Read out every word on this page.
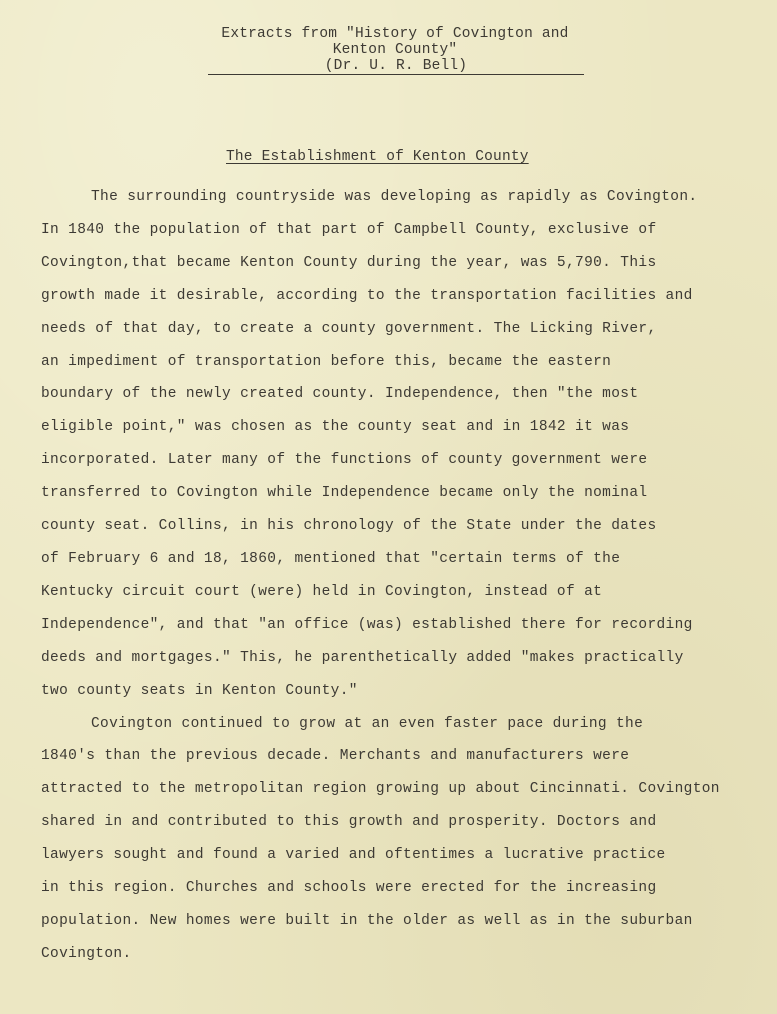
Extracts from "History of Covington and
Kenton County"
(Dr. U. R. Bell)
The Establishment of Kenton County
The surrounding countryside was developing as rapidly as Covington.
In 1840 the population of that part of Campbell County, exclusive of
Covington,that became Kenton County during the year, was 5,790. This
growth made it desirable, according to the transportation facilities and
needs of that day, to create a county government. The Licking River,
an impediment of transportation before this, became the eastern
boundary of the newly created county. Independence, then "the most
eligible point," was chosen as the county seat and in 1842 it was
incorporated. Later many of the functions of county government were
transferred to Covington while Independence became only the nominal
county seat. Collins, in his chronology of the State under the dates
of February 6 and 18, 1860, mentioned that "certain terms of the
Kentucky circuit court (were) held in Covington, instead of at
Independence", and that "an office (was) established there for recording
deeds and mortgages." This, he parenthetically added "makes practically
two county seats in Kenton County."
Covington continued to grow at an even faster pace during the
1840's than the previous decade. Merchants and manufacturers were
attracted to the metropolitan region growing up about Cincinnati. Covington
shared in and contributed to this growth and prosperity. Doctors and
lawyers sought and found a varied and oftentimes a lucrative practice
in this region. Churches and schools were erected for the increasing
population. New homes were built in the older as well as in the suburban
Covington.
